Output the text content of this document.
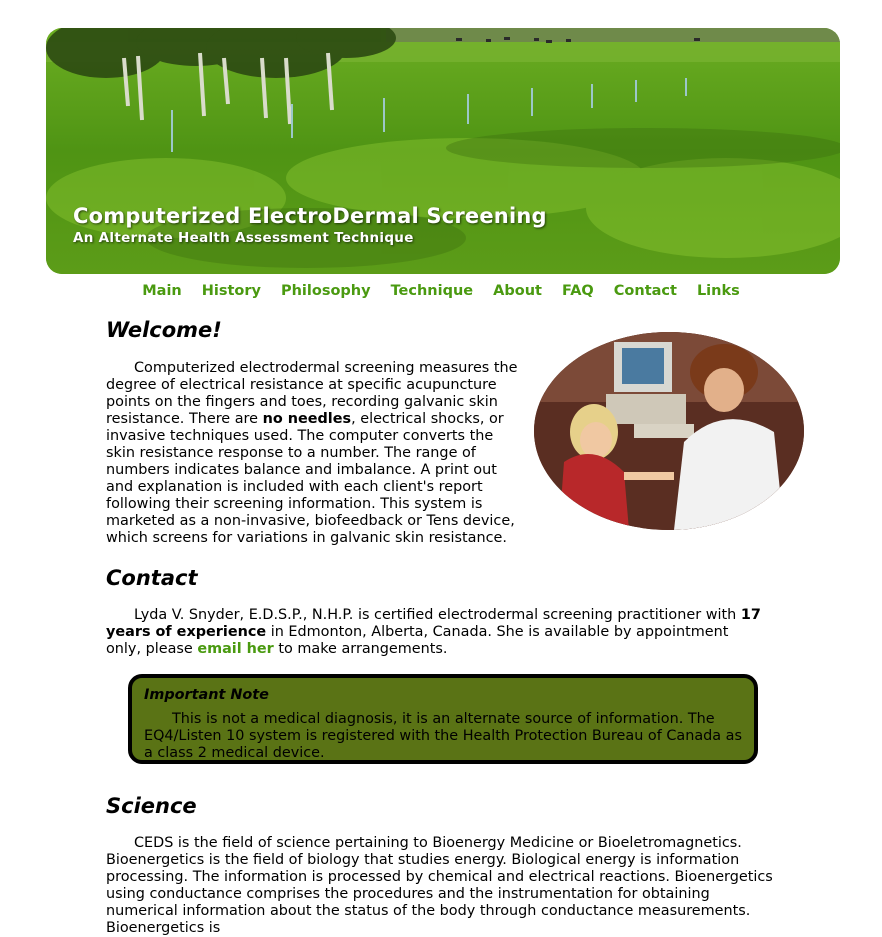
Computerized ElectroDermal Screening
An Alternate Health Assessment Technique
Main History Philosophy Technique About FAQ Contact Links
Welcome!

Computerized electrodermal screening measures the degree of electrical resistance at specific acupuncture points on the fingers and toes, recording galvanic skin resistance. There are no needles, electrical shocks, or invasive techniques used. The computer converts the skin resistance response to a number. The range of numbers indicates balance and imbalance. A print out and explanation is included with each client's report following their screening information. This system is marketed as a non-invasive, biofeedback or Tens device, which screens for variations in galvanic skin resistance.

Contact

Lyda V. Snyder, E.D.S.P., N.H.P. is certified electrodermal screening practitioner with 17 years of experience in Edmonton, Alberta, Canada. She is available by appointment only, please email her to make arrangements.

Important Note

This is not a medical diagnosis, it is an alternate source of information. The EQ4/Listen 10 system is registered with the Health Protection Bureau of Canada as a class 2 medical device.

Science

CEDS is the field of science pertaining to Bioenergy Medicine or Bioeletromagnetics. Bioenergetics is the field of biology that studies energy. Biological energy is information processing. The information is processed by chemical and electrical reactions. Bioenergetics using conductance comprises the procedures and the instrumentation for obtaining numerical information about the status of the body through conductance measurements. Bioenergetics is
